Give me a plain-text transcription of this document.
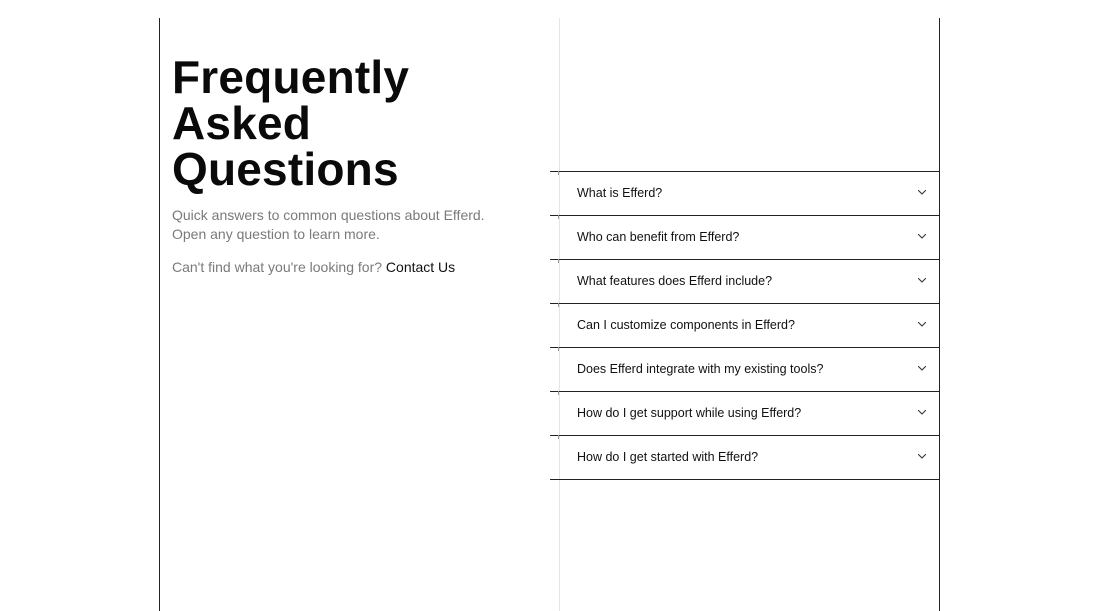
Frequently
Asked
Questions

Quick answers to common questions about Efferd. Open any question to learn more.

Can't find what you're looking for? Contact Us

What is Efferd?
Who can benefit from Efferd?
What features does Efferd include?
Can I customize components in Efferd?
Does Efferd integrate with my existing tools?
How do I get support while using Efferd?
How do I get started with Efferd?
